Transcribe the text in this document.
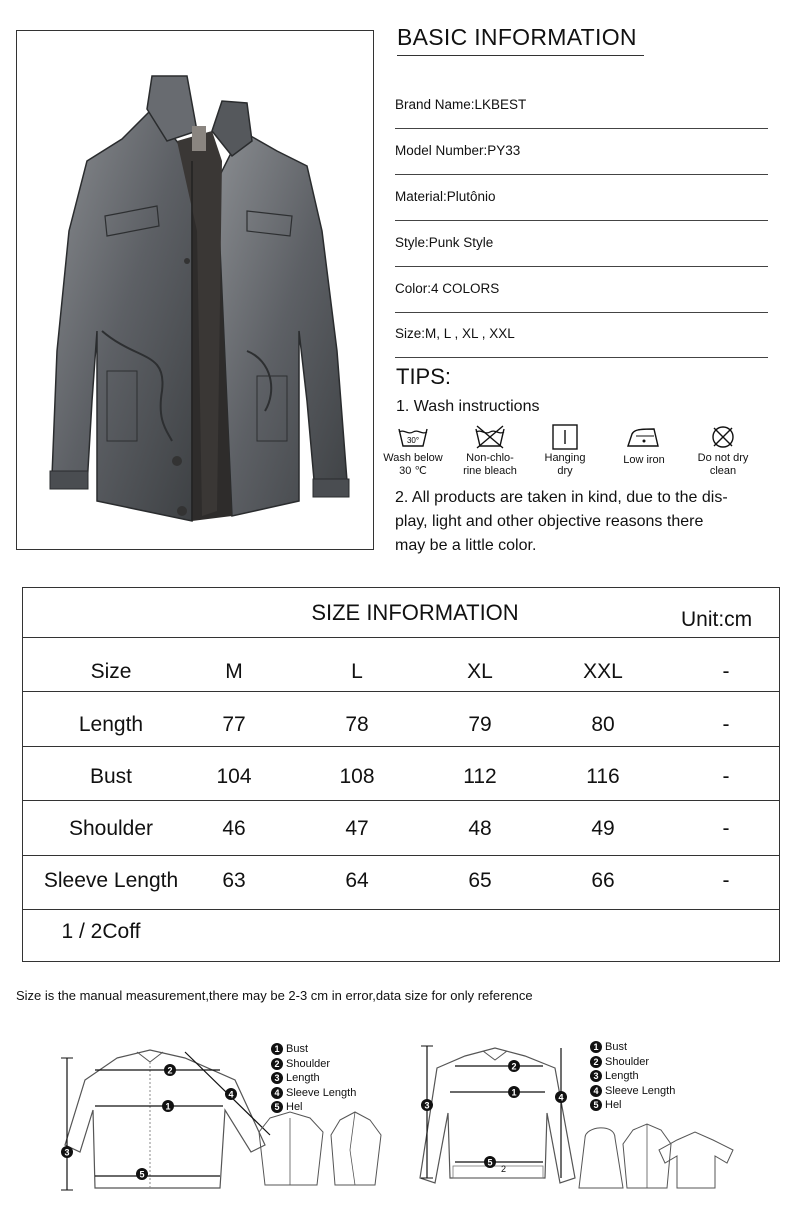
BASIC INFORMATION
Brand Name:LKBEST
Model Number:PY33
Material:Plutônio
Style:Punk Style
Color:4 COLORS
Size:M, L , XL , XXL
TIPS:
1. Wash instructions
30°
Wash below
30 ℃
Non-chlo-
rine bleach
Hanging
dry
Low iron	Do not dry
clean
2. All products are taken in kind, due to the dis-
play, light and other objective reasons there
may be a little color.
SIZE INFORMATION	Unit:cm
Size	M	L	XL	XXL	-
Length	77	78	79	80	-
Bust	104	108	112	116	-
Shoulder	46	47	48	49	-
Sleeve Length	63	64	65	66	-
1 / 2Coff
Size is the manual measurement,there may be 2-3 cm in error,data size for only reference
1
2
3
4
5
1 Bust
2 Shoulder
3 Length
4 Sleeve Length
5 Hel
1
2
3
4
5
2
1 Bust
2 Shoulder
3 Length
4 Sleeve Length
5 Hel
